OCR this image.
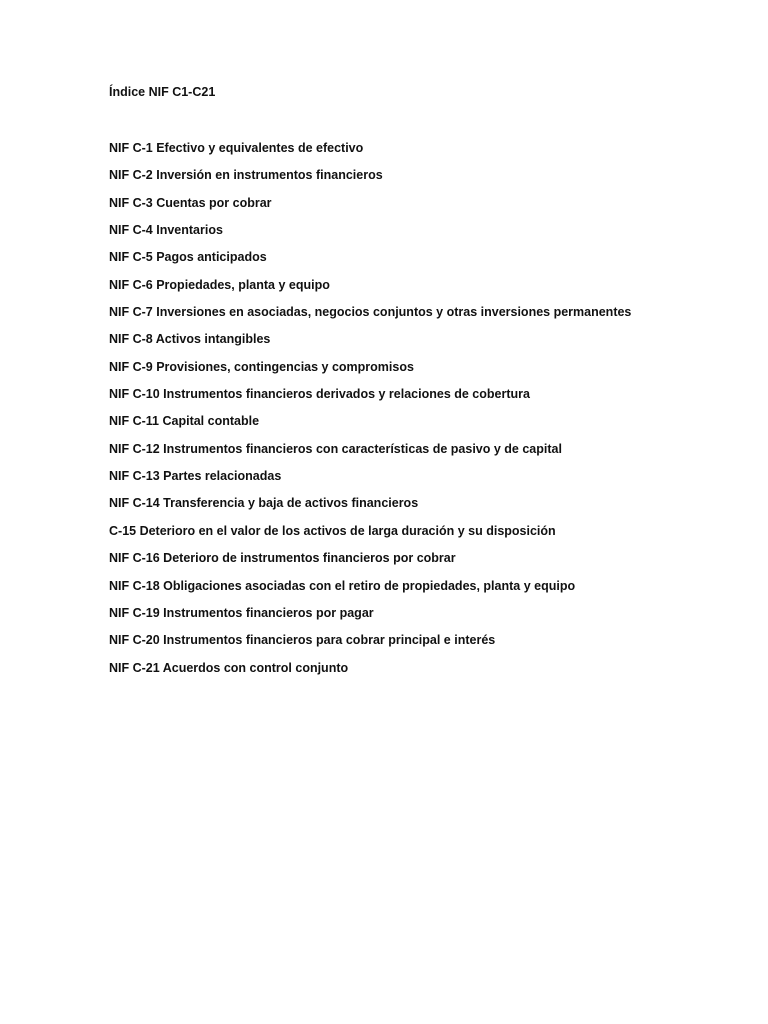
Índice NIF C1-C21

NIF C-1 Efectivo y equivalentes de efectivo
NIF C-2 Inversión en instrumentos financieros
NIF C-3 Cuentas por cobrar
NIF C-4 Inventarios
NIF C-5 Pagos anticipados
NIF C-6 Propiedades, planta y equipo
NIF C-7 Inversiones en asociadas, negocios conjuntos y otras inversiones permanentes
NIF C-8 Activos intangibles
NIF C-9 Provisiones, contingencias y compromisos
NIF C-10 Instrumentos financieros derivados y relaciones de cobertura
NIF C-11 Capital contable
NIF C-12 Instrumentos financieros con características de pasivo y de capital
NIF C-13 Partes relacionadas
NIF C-14 Transferencia y baja de activos financieros
C-15 Deterioro en el valor de los activos de larga duración y su disposición
NIF C-16 Deterioro de instrumentos financieros por cobrar
NIF C-18 Obligaciones asociadas con el retiro de propiedades, planta y equipo
NIF C-19 Instrumentos financieros por pagar
NIF C-20 Instrumentos financieros para cobrar principal e interés
NIF C-21 Acuerdos con control conjunto
